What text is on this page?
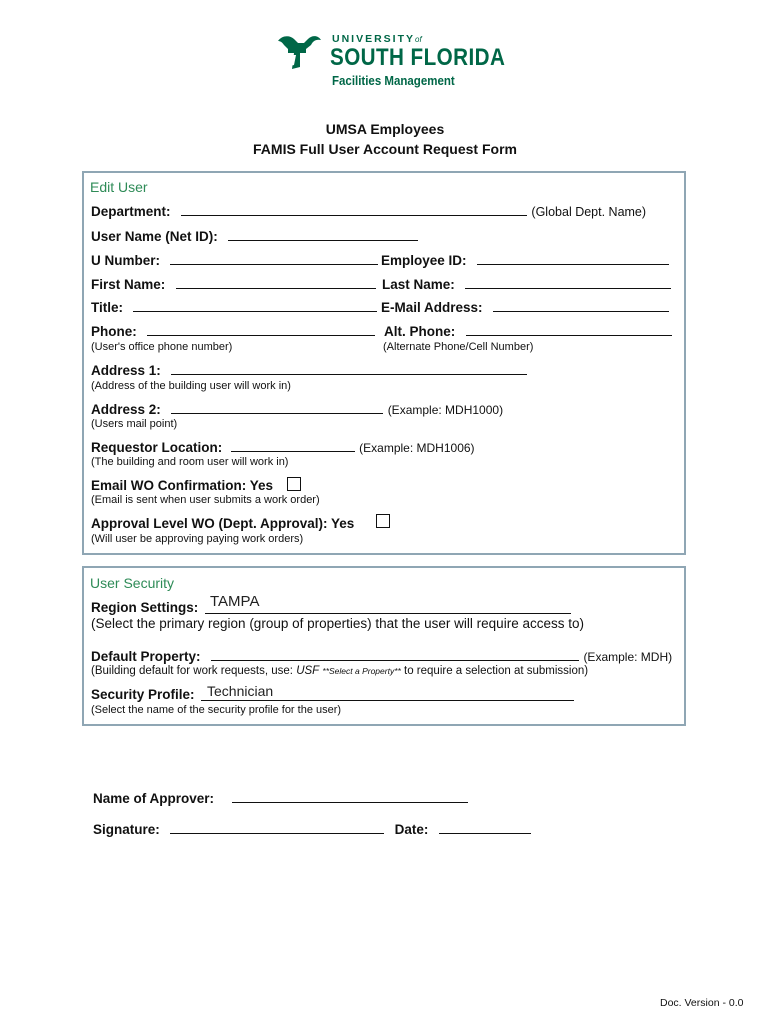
UNIVERSITYof
SOUTH FLORIDA
Facilities Management
UMSA Employees
FAMIS Full User Account Request Form
Edit User
Department:	(Global Dept. Name)
User Name (Net ID):
U Number:	Employee ID:
First Name:	Last Name:
Title:	E-Mail Address:
Phone:
(User's office phone number)
Alt. Phone:
(Alternate Phone/Cell Number)
Address 1:
(Address of the building user will work in)
Address 2:	(Example: MDH1000)
(Users mail point)
Requestor Location:	(Example: MDH1006)
(The building and room user will work in)
Email WO Confirmation: Yes
(Email is sent when user submits a work order)
Approval Level WO (Dept. Approval): Yes
(Will user be approving paying work orders)
User Security
Region Settings: TAMPA
(Select the primary region (group of properties) that the user will require access to)
Default Property:	(Example: MDH)
(Building default for work requests, use: USF **Select a Property** to require a selection at submission)
Security Profile: Technician
(Select the name of the security profile for the user)
Name of Approver:
Signature:	Date:
Doc. Version - 0.0
